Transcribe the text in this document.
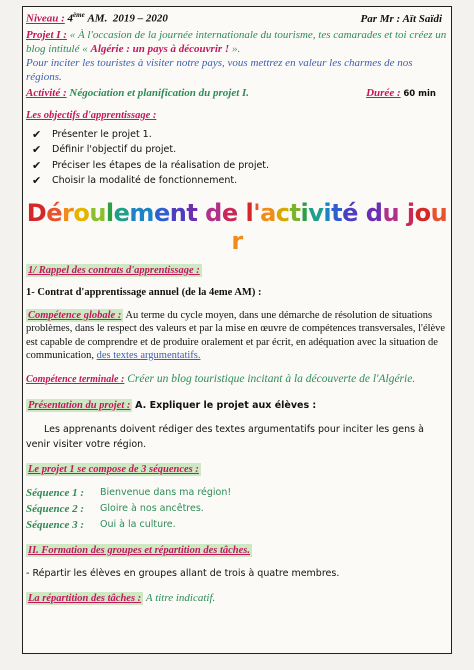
Niveau : 4ème AM. 2019 – 2020	Par Mr : Aït Saïdi
Projet I : « À l'occasion de la journée internationale du tourisme, tes camarades et toi créez un blog intitulé « Algérie : un pays à découvrir ! ».
Pour inciter les touristes à visiter notre pays, vous mettrez en valeur les charmes de nos régions.
Activité : Négociation et planification du projet I.	Durée : 60 min
Les objectifs d'apprentissage :
✔ Présenter le projet 1.
✔ Définir l'objectif du projet.
✔ Préciser les étapes de la réalisation de projet.
✔ Choisir la modalité de fonctionnement.
Déroulement de l'activité du jour
1/ Rappel des contrats d'apprentissage :
1- Contrat d'apprentissage annuel (de la 4eme AM) :
Compétence globale : Au terme du cycle moyen, dans une démarche de résolution de situations problèmes, dans le respect des valeurs et par la mise en œuvre de compétences transversales, l'élève est capable de comprendre et de produire oralement et par écrit, en adéquation avec la situation de communication, des textes argumentatifs.
Compétence terminale : Créer un blog touristique incitant à la découverte de l'Algérie.
Présentation du projet : A. Expliquer le projet aux élèves :
Les apprenants doivent rédiger des textes argumentatifs pour inciter les gens à venir visiter votre région.
Le projet 1 se compose de 3 séquences :
Séquence 1 :	Bienvenue dans ma région!
Séquence 2 :	Gloire à nos ancêtres.
Séquence 3 :	Oui à la culture.
II. Formation des groupes et répartition des tâches.
- Répartir les élèves en groupes allant de trois à quatre membres.
La répartition des tâches : A titre indicatif.
